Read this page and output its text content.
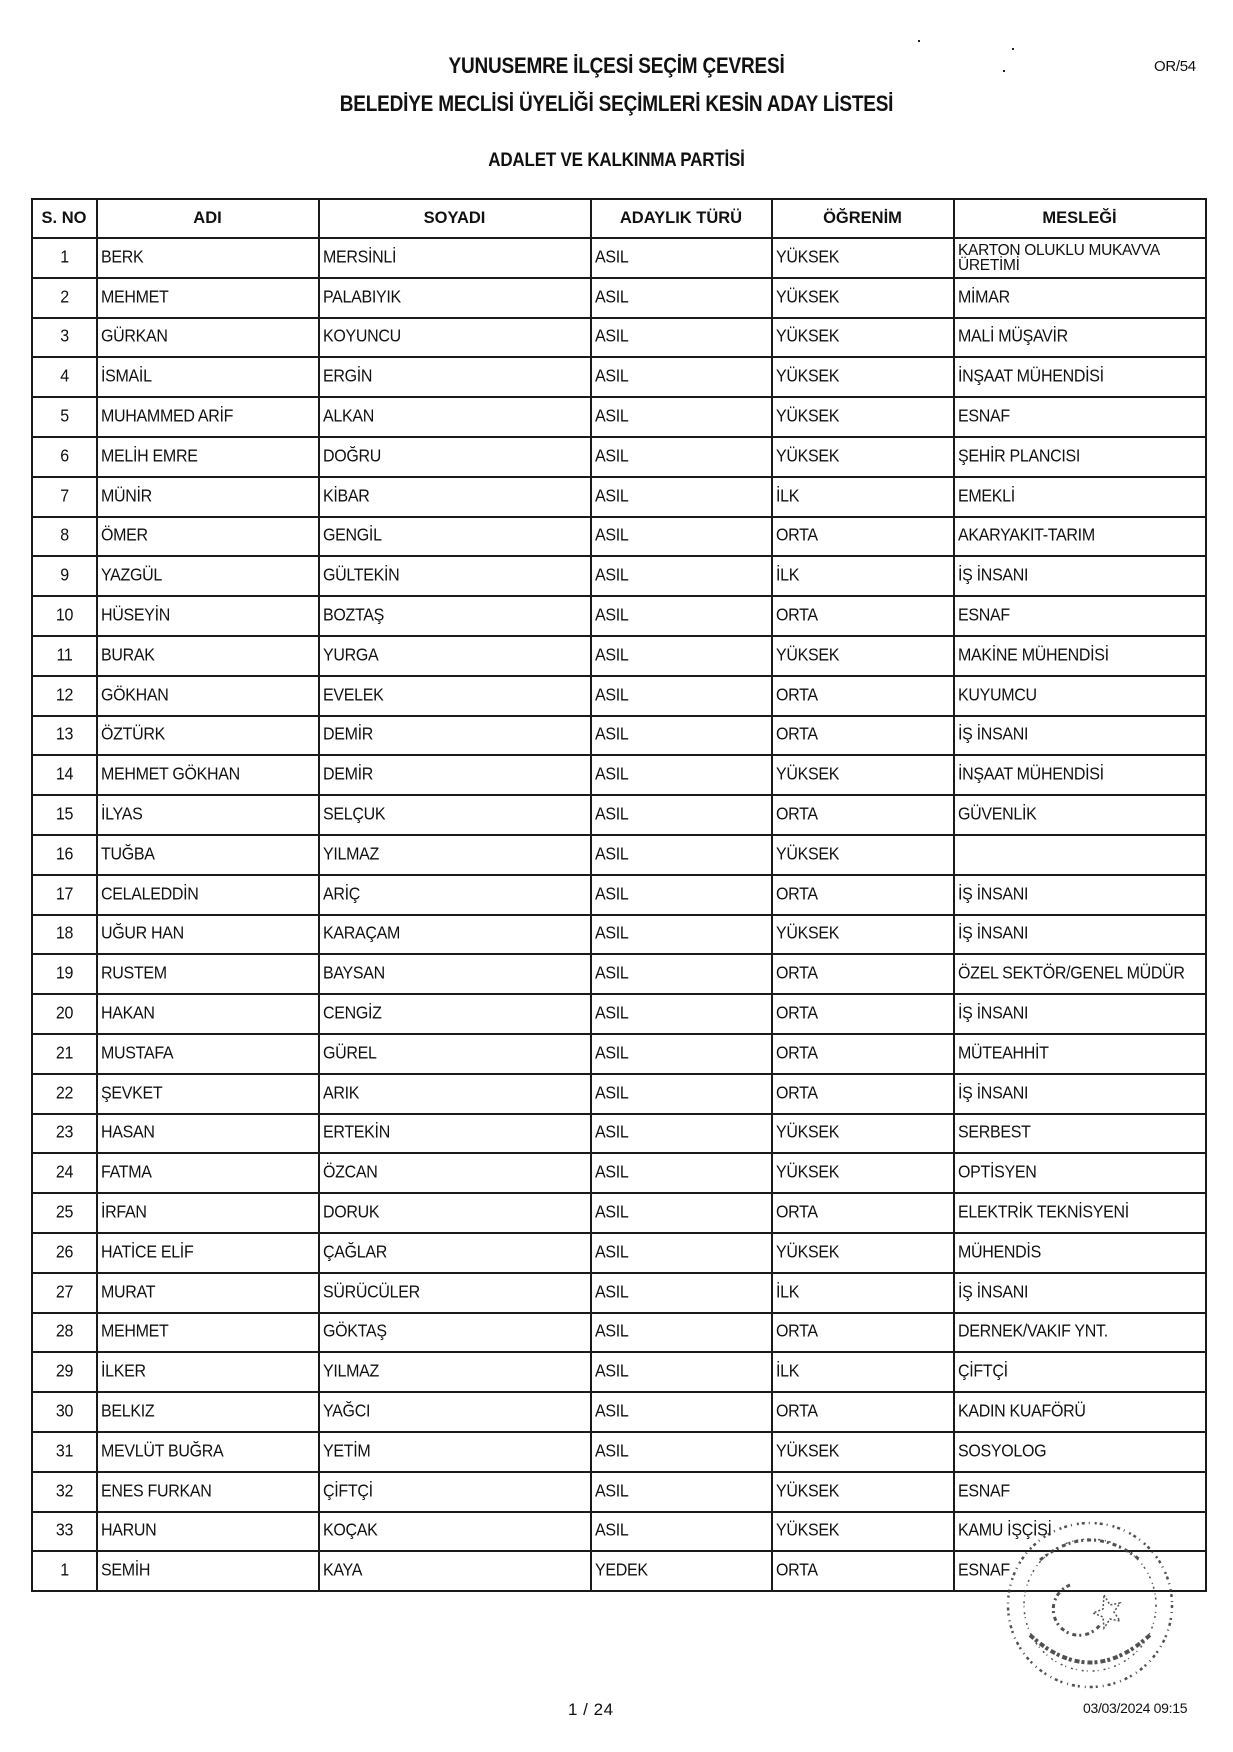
YUNUSEMRE İLÇESİ SEÇİM ÇEVRESİ
BELEDİYE MECLİSİ ÜYELİĞİ SEÇİMLERİ KESİN ADAY LİSTESİ
OR/54
ADALET VE KALKINMA PARTİSİ
S. NO	ADI	SOYADI	ADAYLIK TÜRÜ	ÖĞRENİM	MESLEĞİ
1	BERK	MERSİNLİ	ASIL	YÜKSEK	KARTON OLUKLU MUKAVVA ÜRETİMİ
2	MEHMET	PALABIYIK	ASIL	YÜKSEK	MİMAR
3	GÜRKAN	KOYUNCU	ASIL	YÜKSEK	MALİ MÜŞAVİR
4	İSMAİL	ERGİN	ASIL	YÜKSEK	İNŞAAT MÜHENDİSİ
5	MUHAMMED ARİF	ALKAN	ASIL	YÜKSEK	ESNAF
6	MELİH EMRE	DOĞRU	ASIL	YÜKSEK	ŞEHİR PLANCISI
7	MÜNİR	KİBAR	ASIL	İLK	EMEKLİ
8	ÖMER	GENGİL	ASIL	ORTA	AKARYAKIT-TARIM
9	YAZGÜL	GÜLTEKİN	ASIL	İLK	İŞ İNSANI
10	HÜSEYİN	BOZTAŞ	ASIL	ORTA	ESNAF
11	BURAK	YURGA	ASIL	YÜKSEK	MAKİNE MÜHENDİSİ
12	GÖKHAN	EVELEK	ASIL	ORTA	KUYUMCU
13	ÖZTÜRK	DEMİR	ASIL	ORTA	İŞ İNSANI
14	MEHMET GÖKHAN	DEMİR	ASIL	YÜKSEK	İNŞAAT MÜHENDİSİ
15	İLYAS	SELÇUK	ASIL	ORTA	GÜVENLİK
16	TUĞBA	YILMAZ	ASIL	YÜKSEK	
17	CELALEDDİN	ARİÇ	ASIL	ORTA	İŞ İNSANI
18	UĞUR HAN	KARAÇAM	ASIL	YÜKSEK	İŞ İNSANI
19	RUSTEM	BAYSAN	ASIL	ORTA	ÖZEL SEKTÖR/GENEL MÜDÜR
20	HAKAN	CENGİZ	ASIL	ORTA	İŞ İNSANI
21	MUSTAFA	GÜREL	ASIL	ORTA	MÜTEAHHİT
22	ŞEVKET	ARIK	ASIL	ORTA	İŞ İNSANI
23	HASAN	ERTEKİN	ASIL	YÜKSEK	SERBEST
24	FATMA	ÖZCAN	ASIL	YÜKSEK	OPTİSYEN
25	İRFAN	DORUK	ASIL	ORTA	ELEKTRİK TEKNİSYENİ
26	HATİCE ELİF	ÇAĞLAR	ASIL	YÜKSEK	MÜHENDİS
27	MURAT	SÜRÜCÜLER	ASIL	İLK	İŞ İNSANI
28	MEHMET	GÖKTAŞ	ASIL	ORTA	DERNEK/VAKIF YNT.
29	İLKER	YILMAZ	ASIL	İLK	ÇİFTÇİ
30	BELKIZ	YAĞCI	ASIL	ORTA	KADIN KUAFÖRÜ
31	MEVLÜT BUĞRA	YETİM	ASIL	YÜKSEK	SOSYOLOG
32	ENES FURKAN	ÇİFTÇİ	ASIL	YÜKSEK	ESNAF
33	HARUN	KOÇAK	ASIL	YÜKSEK	KAMU İŞÇİSİ
1	SEMİH	KAYA	YEDEK	ORTA	ESNAF
1 / 24	03/03/2024 09:15
